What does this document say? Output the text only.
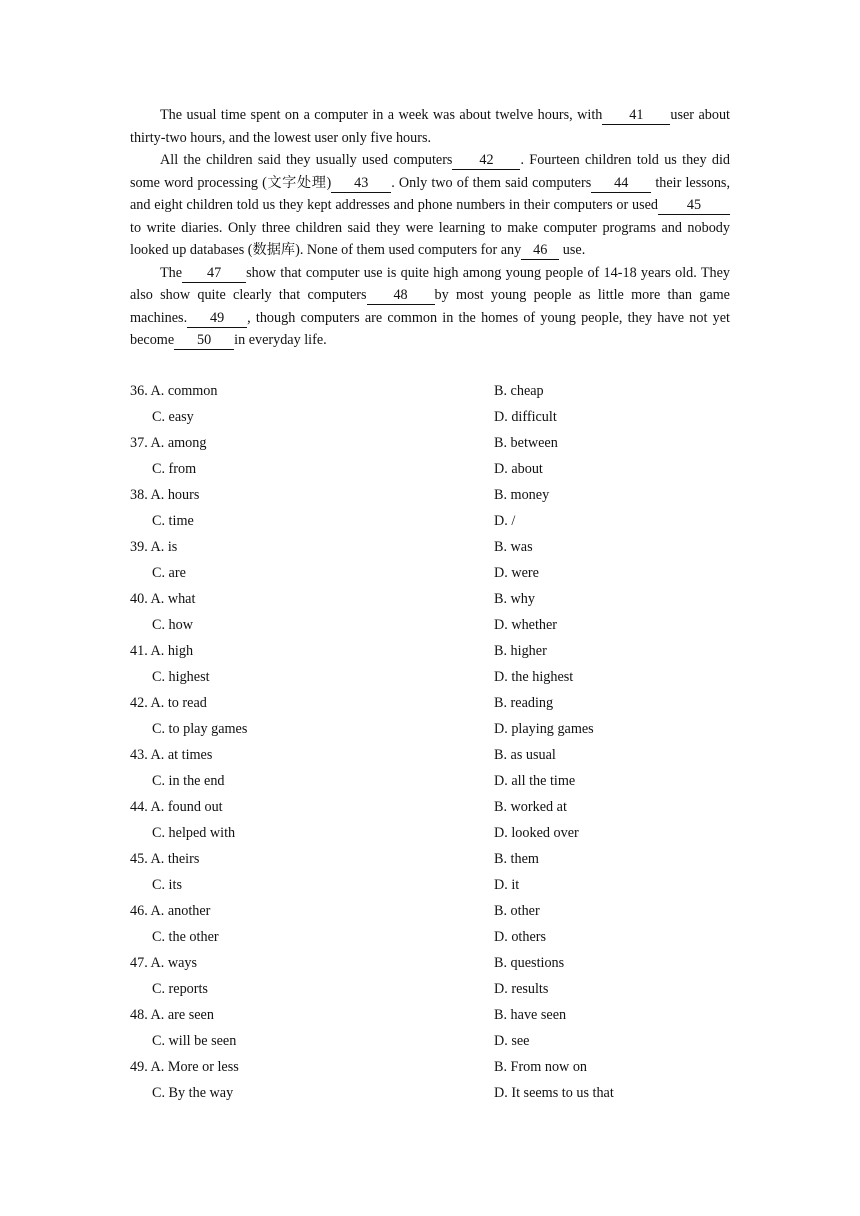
The usual time spent on a computer in a week was about twelve hours, with 41 user about thirty-two hours, and the lowest user only five hours.

All the children said they usually used computers 42 . Fourteen children told us they did some word processing (文字处理) 43 . Only two of them said computers 44 their lessons, and eight children told us they kept addresses and phone numbers in their computers or used 45to write diaries. Only three children said they were learning to make computer programs and nobody looked up databases (数据库). None of them used computers for any 46 use.

The 47 show that computer use is quite high among young people of 14-18 years old. They also show quite clearly that computers 48 by most young people as little more than game machines. 49 , though computers are common in the homes of young people, they have not yet become 50 in everyday life.

36. A. common	B. cheap
C. easy	D. difficult
37. A. among	B. between
C. from	D. about
38. A. hours	B. money
C. time	D. /
39. A. is	B. was
C. are	D. were
40. A. what	B. why
C. how	D. whether
41. A. high	B. higher
C. highest	D. the highest
42. A. to read	B. reading
C. to play games	D. playing games
43. A. at times	B. as usual
C. in the end	D. all the time
44. A. found out	B. worked at
C. helped with	D. looked over
45. A. theirs	B. them
C. its	D. it
46. A. another	B. other
C. the other	D. others
47. A. ways	B. questions
C. reports	D. results
48. A. are seen	B. have seen
C. will be seen	D. see
49. A. More or less	B. From now on
C. By the way	D. It seems to us that
